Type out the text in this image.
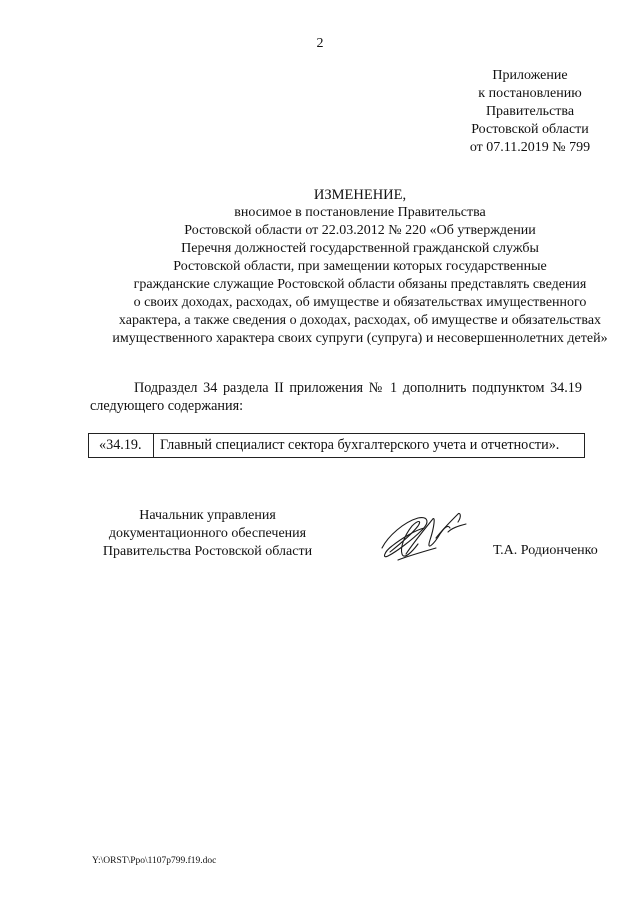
2
Приложение
к постановлению
Правительства
Ростовской области
от 07.11.2019 № 799
ИЗМЕНЕНИЕ,
вносимое в постановление Правительства
Ростовской области от 22.03.2012 № 220 «Об утверждении
Перечня должностей государственной гражданской службы
Ростовской области, при замещении которых государственные
гражданские служащие Ростовской области обязаны представлять сведения
о своих доходах, расходах, об имуществе и обязательствах имущественного
характера, а также сведения о доходах, расходах, об имуществе и обязательствах
имущественного характера своих супруги (супруга) и несовершеннолетних детей»
Подраздел 34 раздела II приложения № 1 дополнить подпунктом 34.19
следующего содержания:
«34.19.	Главный специалист сектора бухгалтерского учета и отчетности».
Начальник управления
документационного обеспечения
Правительства Ростовской области	Т.А. Родионченко
Y:\ORST\Ppo\1107p799.f19.doc
